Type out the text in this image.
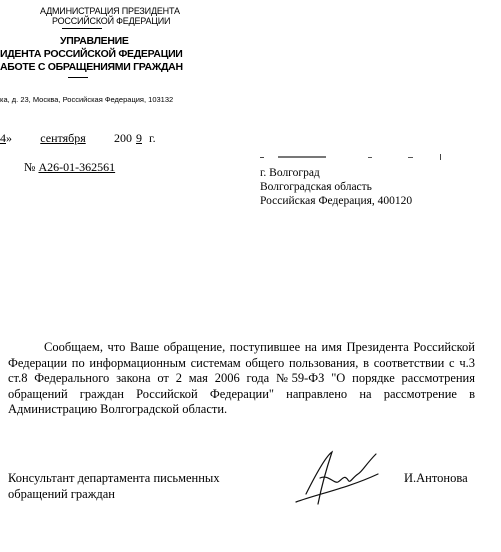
АДМИНИСТРАЦИЯ ПРЕЗИДЕНТА
РОССИЙСКОЙ ФЕДЕРАЦИИ
УПРАВЛЕНИЕ
ИДЕНТА РОССИЙСКОЙ ФЕДЕРАЦИИ
АБОТЕ С ОБРАЩЕНИЯМИ ГРАЖДАН
ка, д. 23, Москва, Российская Федерация, 103132
4» сентября 200 9 г.
№ А26-01-362561	г. Волгоград
Волгоградская область
Российская Федерация, 400120
Сообщаем, что Ваше обращение, поступившее на имя Президента Российской Федерации по информационным системам общего пользования, в соответствии с ч.3 ст.8 Федерального закона от 2 мая 2006 года №59-ФЗ "О порядке рассмотрения обращений граждан Российской Федерации" направлено на рассмотрение в Администрацию Волгоградской области.
Консультант департамента письменных
обращений граждан
И.Антонова
